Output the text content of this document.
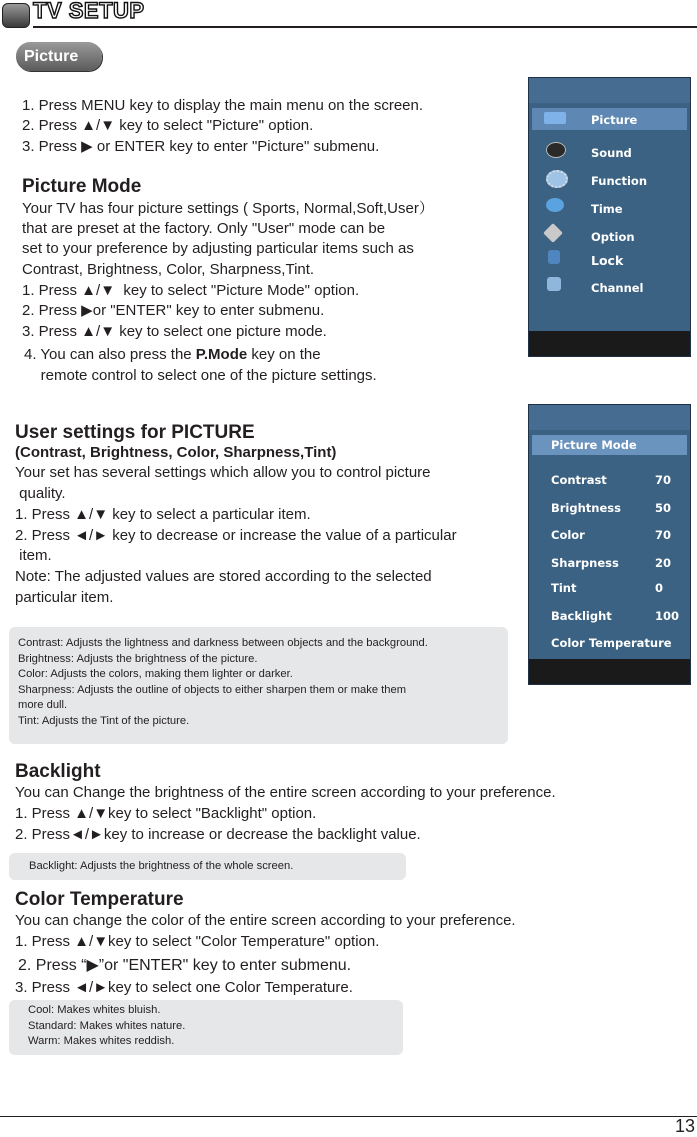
TV SETUP
Picture
1. Press MENU key to display the main menu on the screen.
2. Press ▲/▼ key to select "Picture" option.
3. Press ▶ or ENTER key to enter "Picture" submenu.
Picture Mode
Your TV has four picture settings ( Sports, Normal,Soft,User）
that are preset at the factory. Only "User" mode can be
set to your preference by adjusting particular items such as
Contrast, Brightness, Color, Sharpness,Tint.
1. Press ▲/▼  key to select "Picture Mode" option.
2. Press ▶or "ENTER" key to enter submenu.
3. Press ▲/▼ key to select one picture mode.
4. You can also press the P.Mode key on the
remote control to select one of the picture settings.
Picture
Sound
Function
Time
Option
Lock
Channel
User settings for PICTURE
(Contrast, Brightness, Color, Sharpness,Tint)
Your set has several settings which allow you to control picture
quality.
1. Press ▲/▼ key to select a particular item.
2. Press ◄/► key to decrease or increase the value of a particular
item.
Note: The adjusted values are stored according to the selected
particular item.
Picture Mode
Contrast	70
Brightness	50
Color	70
Sharpness	20
Tint	0
Backlight	100
Color Temperature
Contrast: Adjusts the lightness and darkness between objects and the background.
Brightness: Adjusts the brightness of the picture.
Color: Adjusts the colors, making them lighter or darker.
Sharpness: Adjusts the outline of objects to either sharpen them or make them
more dull.
Tint: Adjusts the Tint of the picture.
Backlight
You can Change the brightness of the entire screen according to your preference.
1. Press ▲/▼key to select "Backlight" option.
2. Press◄/►key to increase or decrease the backlight value.
Backlight: Adjusts the brightness of the whole screen.
Color Temperature
You can change the color of the entire screen according to your preference.
1. Press ▲/▼key to select "Color Temperature" option.
2. Press “▶”or "ENTER" key to enter submenu.
3. Press ◄/►key to select one Color Temperature.
Cool: Makes whites bluish.
Standard: Makes whites nature.
Warm: Makes whites reddish.
13
